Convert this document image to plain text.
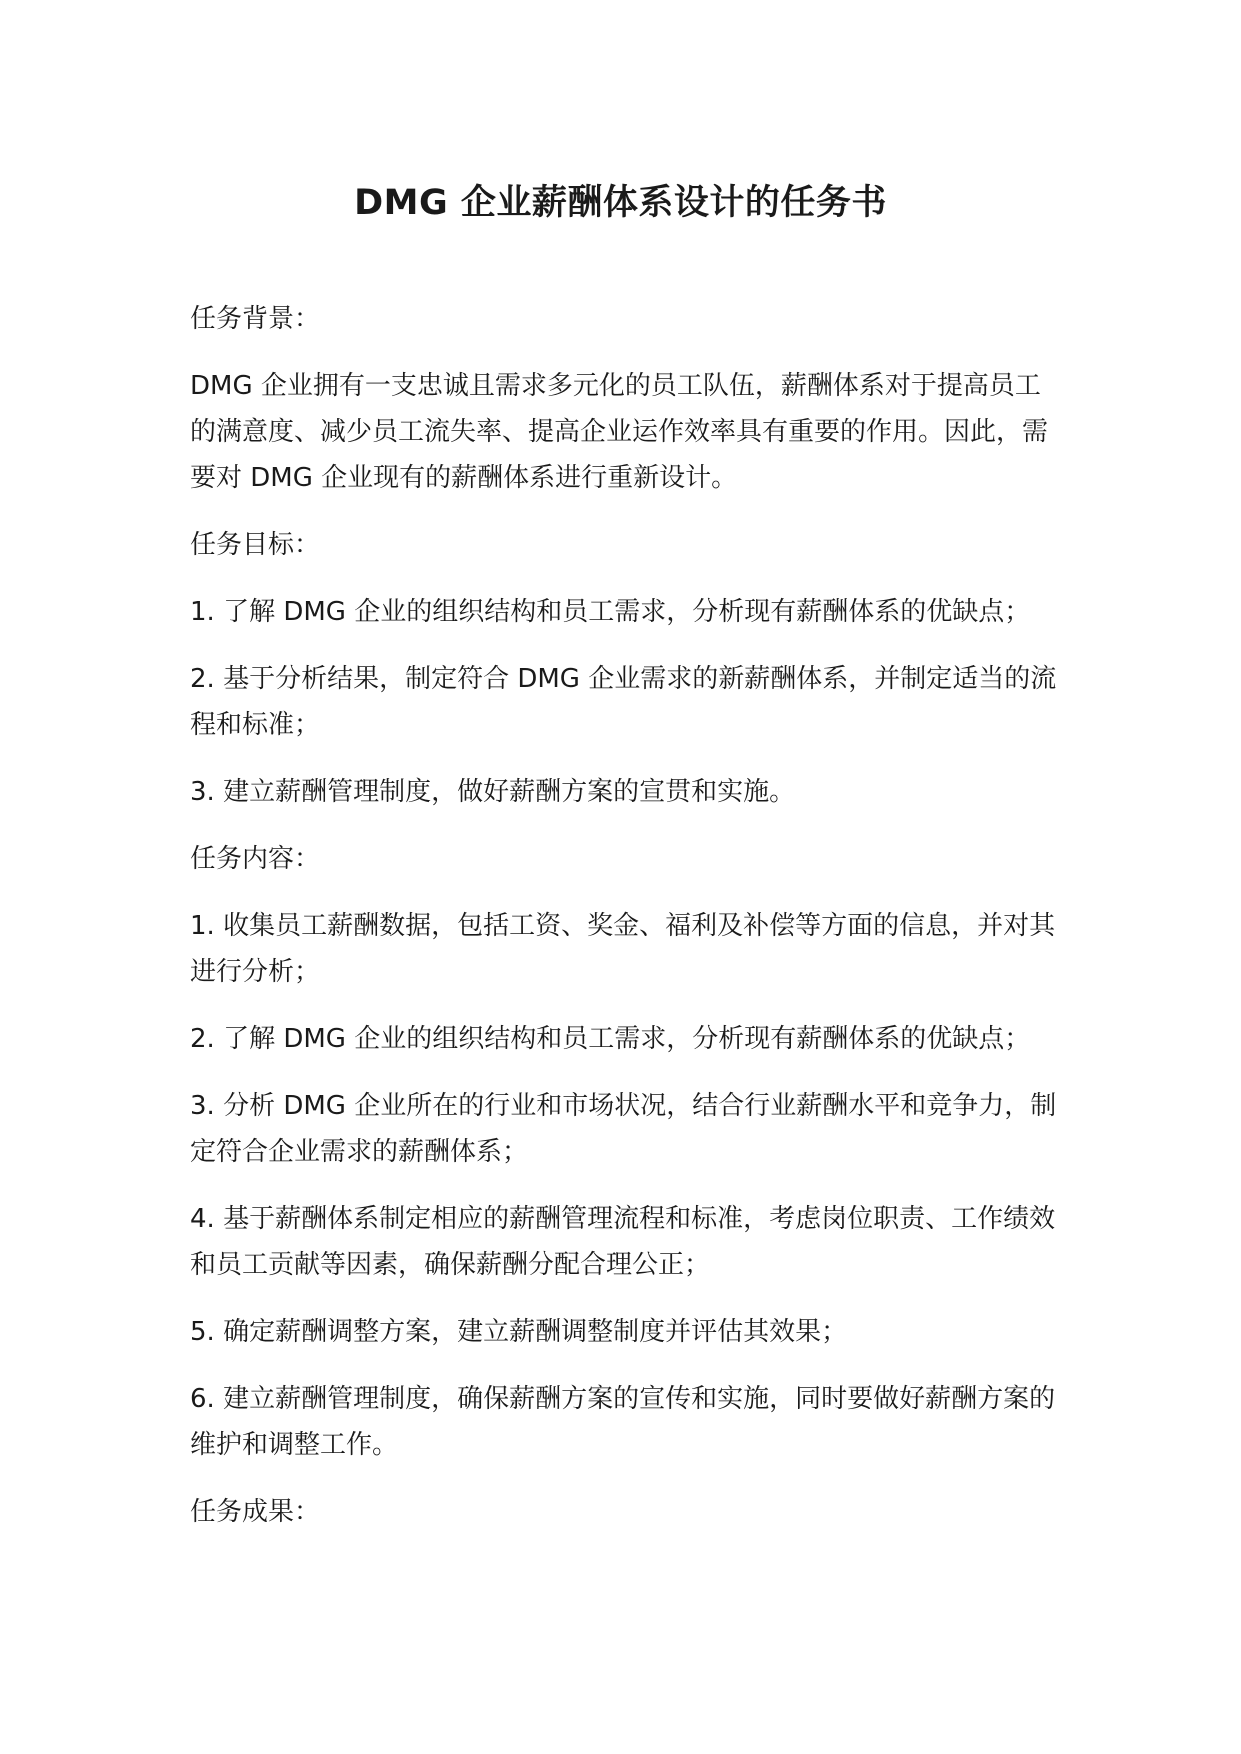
DMG 企业薪酬体系设计的任务书

任务背景：

DMG 企业拥有一支忠诚且需求多元化的员工队伍，薪酬体系对于提高员工的满意度、减少员工流失率、提高企业运作效率具有重要的作用。因此，需要对 DMG 企业现有的薪酬体系进行重新设计。

任务目标：

1. 了解 DMG 企业的组织结构和员工需求，分析现有薪酬体系的优缺点；

2. 基于分析结果，制定符合 DMG 企业需求的新薪酬体系，并制定适当的流程和标准；

3. 建立薪酬管理制度，做好薪酬方案的宣贯和实施。

任务内容：

1. 收集员工薪酬数据，包括工资、奖金、福利及补偿等方面的信息，并对其进行分析；

2. 了解 DMG 企业的组织结构和员工需求，分析现有薪酬体系的优缺点；

3. 分析 DMG 企业所在的行业和市场状况，结合行业薪酬水平和竞争力，制定符合企业需求的薪酬体系；

4. 基于薪酬体系制定相应的薪酬管理流程和标准，考虑岗位职责、工作绩效和员工贡献等因素，确保薪酬分配合理公正；

5. 确定薪酬调整方案，建立薪酬调整制度并评估其效果；

6. 建立薪酬管理制度，确保薪酬方案的宣传和实施，同时要做好薪酬方案的维护和调整工作。

任务成果：
